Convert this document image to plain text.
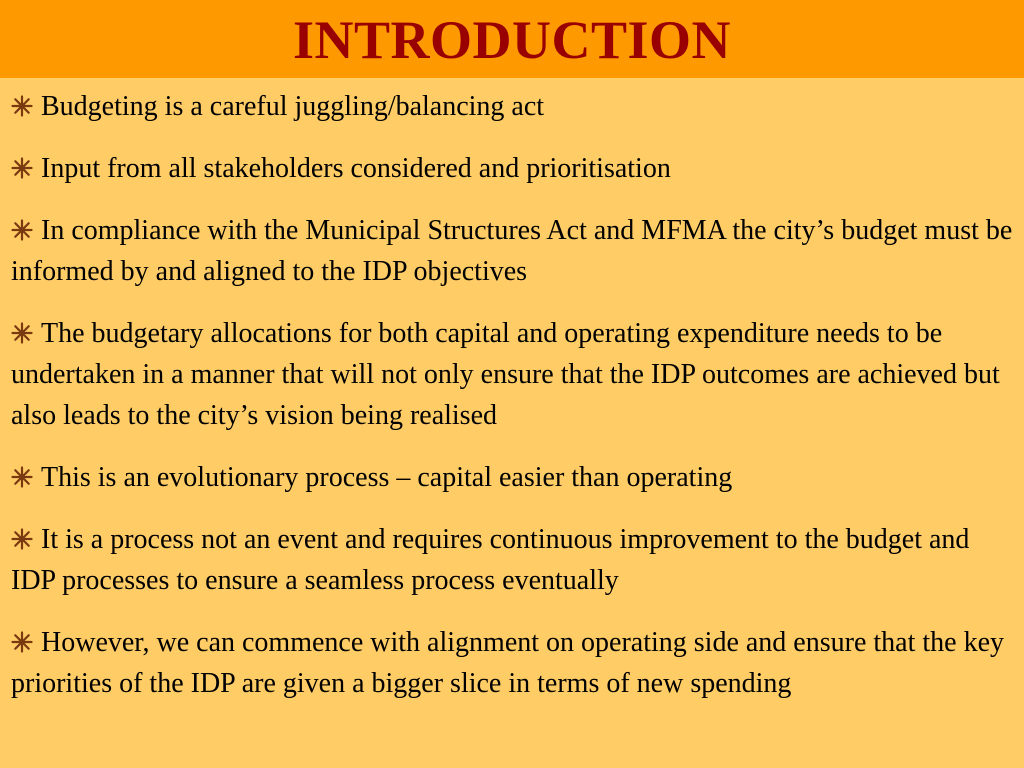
INTRODUCTION

Budgeting is a careful juggling/balancing act

Input from all stakeholders considered and prioritisation

In compliance with the Municipal Structures Act and MFMA the city’s budget must be informed by and aligned to the IDP objectives

The budgetary allocations for both capital and operating expenditure needs to be undertaken in a manner that will not only ensure that the IDP outcomes are achieved but also leads to the city’s vision being realised

This is an evolutionary process – capital easier than operating

It is a process not an event and requires continuous improvement to the budget and IDP processes to ensure a seamless process eventually

However, we can commence with alignment on operating side and ensure that the key priorities of the IDP are given a bigger slice in terms of new spending
